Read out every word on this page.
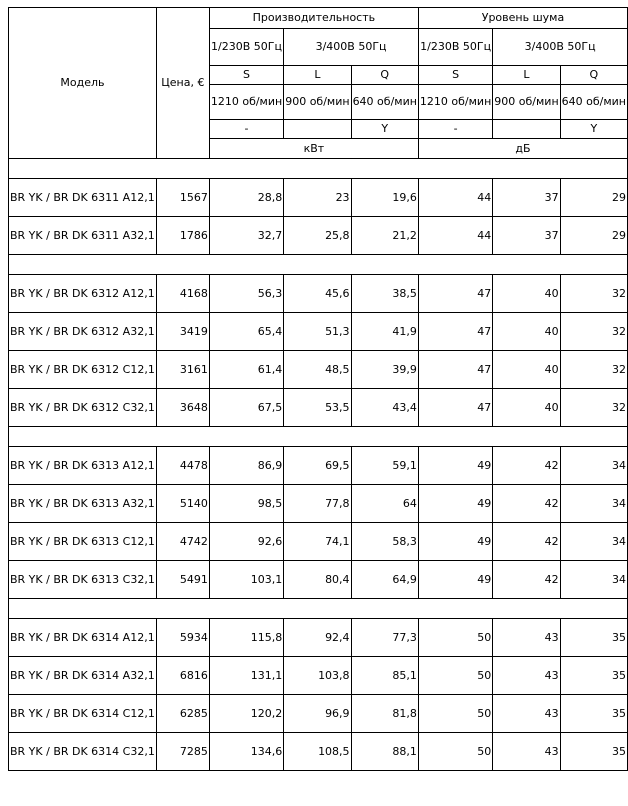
Модель	Цена, €	Производительность			Уровень шума		
		1/230В 50Гц	3/400В 50Гц		1/230В 50Гц	3/400В 50Гц	
		S	L	Q	S	L	Q
		1210 об/мин	900 об/мин	640 об/мин	1210 об/мин	900 об/мин	640 об/мин
		-		Y	-		Y
		кВт			дБ		

BR YK / BR DK 6311 A12,1	1567	28,8	23	19,6	44	37	29
BR YK / BR DK 6311 A32,1	1786	32,7	25,8	21,2	44	37	29

BR YK / BR DK 6312 A12,1	4168	56,3	45,6	38,5	47	40	32
BR YK / BR DK 6312 A32,1	3419	65,4	51,3	41,9	47	40	32
BR YK / BR DK 6312 C12,1	3161	61,4	48,5	39,9	47	40	32
BR YK / BR DK 6312 C32,1	3648	67,5	53,5	43,4	47	40	32

BR YK / BR DK 6313 A12,1	4478	86,9	69,5	59,1	49	42	34
BR YK / BR DK 6313 A32,1	5140	98,5	77,8	64	49	42	34
BR YK / BR DK 6313 C12,1	4742	92,6	74,1	58,3	49	42	34
BR YK / BR DK 6313 C32,1	5491	103,1	80,4	64,9	49	42	34

BR YK / BR DK 6314 A12,1	5934	115,8	92,4	77,3	50	43	35
BR YK / BR DK 6314 A32,1	6816	131,1	103,8	85,1	50	43	35
BR YK / BR DK 6314 C12,1	6285	120,2	96,9	81,8	50	43	35
BR YK / BR DK 6314 C32,1	7285	134,6	108,5	88,1	50	43	35
